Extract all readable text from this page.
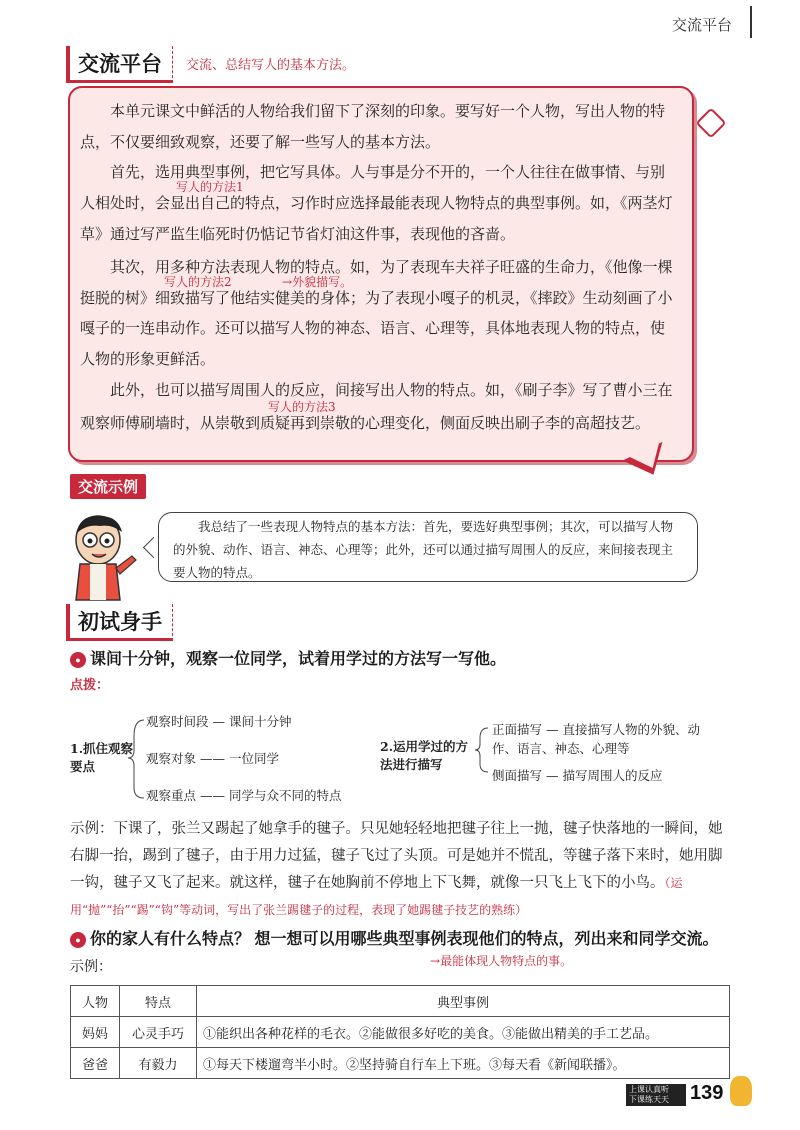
交流平台
交流平台	交流、总结写人的基本方法。
本单元课文中鲜活的人物给我们留下了深刻的印象。要写好一个人物，写出人物的特点，不仅要细致观察，还要了解一些写人的基本方法。
首先，选用典型事例，把它写具体。人与事是分不开的，一个人往往在做事情、与别人相处时，会显出自己的特点，习作时应选择最能表现人物特点的典型事例。如，《两茎灯草》通过写严监生临死时仍惦记节省灯油这件事，表现他的吝啬。
写人的方法1
其次，用多种方法表现人物的特点。如，为了表现车夫祥子旺盛的生命力，《他像一棵挺脱的树》细致描写了他结实健美的身体；为了表现小嘎子的机灵，《摔跤》生动刻画了小嘎子的一连串动作。还可以描写人物的神态、语言、心理等，具体地表现人物的特点，使人物的形象更鲜活。
写人的方法2	→外貌描写。
此外，也可以描写周围人的反应，间接写出人物的特点。如，《刷子李》写了曹小三在观察师傅刷墙时，从崇敬到质疑再到崇敬的心理变化，侧面反映出刷子李的高超技艺。
写人的方法3
交流示例
我总结了一些表现人物特点的基本方法：首先，要选好典型事例；其次，可以描写人物的外貌、动作、语言、神态、心理等；此外，还可以通过描写周围人的反应，来间接表现主要人物的特点。
初试身手
● 课间十分钟，观察一位同学，试着用学过的方法写一写他。
点拨：
1.抓住观察要点
观察时间段 — 课间十分钟
观察对象 —— 一位同学
观察重点 —— 同学与众不同的特点
2.运用学过的方法进行描写
正面描写 — 直接描写人物的外貌、动作、语言、神态、心理等
侧面描写 — 描写周围人的反应
示例：下课了，张兰又踢起了她拿手的毽子。只见她轻轻地把毽子往上一抛，毽子快落地的一瞬间，她右脚一抬，踢到了毽子，由于用力过猛，毽子飞过了头顶。可是她并不慌乱，等毽子落下来时，她用脚一钩，毽子又飞了起来。就这样，毽子在她胸前不停地上下飞舞，就像一只飞上飞下的小鸟。（运用“抛”“抬”“踢”“钩”等动词，写出了张兰踢毽子的过程，表现了她踢毽子技艺的熟练）
● 你的家人有什么特点？ 想一想可以用哪些典型事例表现他们的特点，列出来和同学交流。
→最能体现人物特点的事。
示例：
人物	特点	典型事例
妈妈	心灵手巧	①能织出各种花样的毛衣。②能做很多好吃的美食。③能做出精美的手工艺品。
爸爸	有毅力	①每天下楼遛弯半小时。②坚持骑自行车上下班。③每天看《新闻联播》。
上课认真听
下课练天天	139
